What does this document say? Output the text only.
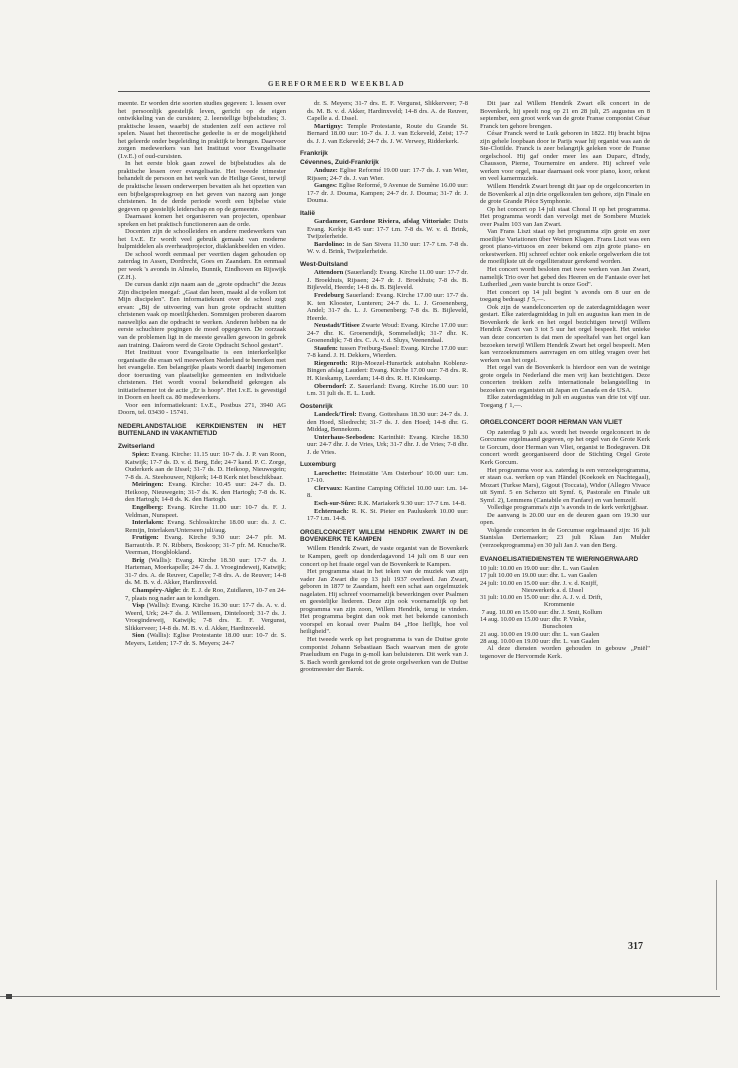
GEREFORMEERD WEEKBLAD

meente. Er worden drie soorten studies gegeven: 1. lessen over het persoonlijk geestelijk leven, gericht op de eigen ontwikkeling van de cursisten; 2. leerstellige bijbelstudies; 3. praktische lessen, waarbij de studenten zelf een actieve rol spelen. Naast het theoretische gedeelte is er de mogelijkheid het geleerde onder begeleiding in praktijk te brengen. Daarvoor zorgen medewerkers van het Instituut voor Evangelisatie (I.v.E.) of oud-cursisten.

In het eerste blok gaan zowel de bijbelstudies als de praktische lessen over evangelisatie. Het tweede trimester behandelt de persoon en het werk van de Heilige Geest, terwijl de praktische lessen onderwerpen bevatten als het opzetten van een bijbelgespreksgroep en het geven van nazorg aan jonge christenen. In de derde periode wordt een bijbelse visie gegeven op geestelijk leiderschap en op de gemeente.

Daarnaast komen het organiseren van projecten, openbaar spreken en het praktisch functioneren aan de orde.

Docenten zijn de schoolleiders en andere medewerkers van het I.v.E. Er wordt veel gebruik gemaakt van moderne hulpmiddelen als overheadprojector, diaklankbeelden en video.

De school wordt eenmaal per veertien dagen gehouden op zaterdag in Assen, Dordrecht, Goes en Zaandam. En eenmaal per week 's avonds in Almelo, Bunnik, Eindhoven en Rijswijk (Z.H.).

De cursus dankt zijn naam aan de „grote opdracht" die Jezus Zijn discipelen meegaf: „Gaat dan heen, maakt al de volken tot Mijn discipelen". Een informatiekrant over de school zegt ervan: „Bij de uitvoering van hun grote opdracht stuitten christenen vaak op moeilijkheden. Sommigen proberen daarom nauwelijks aan die opdracht te werken. Anderen hebben na de eerste schuchtere pogingen de moed opgegeven. De oorzaak van de problemen ligt in de meeste gevallen gewoon in gebrek aan training. Daárom werd de Grote Opdracht School gestart".

Het Instituut voor Evangelisatie is een interkerkelijke organisatie die eraan wil meewerken Nederland te bereiken met het evangelie. Een belangrijke plaats wordt daarbij ingenomen door toerusting van plaatselijke gemeenten en individuele christenen. Het wordt vooral bekendheid gekregen als initiatiefnemer tot de actie „Er is hoop". Het I.v.E. is gevestigd in Doorn en heeft ca. 80 medewerkers.

Voor een informatiekrant: I.v.E., Postbus 271, 3940 AG Doorn, tel. 03430 - 15741.

NEDERLANDSTALIGE KERKDIENSTEN IN HET BUITENLAND IN VAKANTIETIJD
Zwitserland

Spiez: Evang. Kirche: 11.15 uur: 10-7 ds. J. P. van Roon, Katwijk; 17-7 ds. D. v. d. Berg, Ede; 24-7 kand. P. C. Zorge, Ouderkerk aan de IJssel; 31-7 ds. D. Heikoop, Nieuwegein; 7-8 ds. A. Steehouwer, Nijkerk; 14-8 Kerk niet beschikbaar.

Meiringen: Evang. Kirche: 10.45 uur: 24-7 ds. D. Heikoop, Nieuwegein; 31-7 ds. K. den Hartogh; 7-8 ds. K. den Hartogh; 14-8 ds. K. den Hartogh.

Engelberg: Evang. Kirche 11.00 uur: 10-7 ds. F. J. Veldman, Nunspeet.

Interlaken: Evang. Schlosskirche 18.00 uur: ds. J. C. Remijn, Interlaken/Unterseen juli/aug.

Frutigen: Evang. Kirche 9.30 uur: 24-7 pfr. M. Barraut/ds. P. N. Ribbers, Boskoop; 31-7 pfr. M. Knuche/R. Veerman, Hoogblokland.

Brig (Wallis): Evang. Kirche 18.30 uur: 17-7 ds. J. Harteman, Moerkapelle; 24-7 ds. J. Vroegindeweij, Katwijk; 31-7 drs. A. de Reuver, Capelle; 7-8 drs. A. de Reuver; 14-8 ds. M. B. v. d. Akker, Hardinxveld.

Champéry-Aigle: dr. E. J. de Roo, Zuidlaren, 10-7 en 24-7, plaats nog nader aan te kondigen.

Visp (Wallis): Evang. Kirche 16.30 uur: 17-7 ds. A. v. d. Weerd, Urk; 24-7 ds. J. Willemsen, Dinteloord; 31-7 ds. J. Vroegindeweij, Katwijk; 7-8 drs. E. F. Vergunst, Slikkerveer; 14-8 ds. M. B. v. d. Akker, Hardinxveld.

Sion (Wallis): Eglise Protestante 18.00 uur: 10-7 dr. S. Meyers, Leiden; 17-7 dr. S. Meyers; 24-7

dr. S. Meyers; 31-7 drs. E. F. Vergunst, Slikkerveer; 7-8 ds. M. B. v. d. Akker, Hardinxveld; 14-8 drs. A. de Reuver, Capelle a. d. IJssel.

Martigny: Temple Protestante, Route du Grande St. Bernard 18.00 uur: 10-7 ds. J. J. van Eckeveld, Zeist; 17-7 ds. J. J. van Eckeveld; 24-7 ds. J. W. Verwey, Ridderkerk.

Frankrijk
Cévennes, Zuid-Frankrijk

Anduze: Eglise Reformé 19.00 uur: 17-7 ds. J. van Wier, Rijssen; 24-7 ds. J. van Wier.

Ganges: Eglise Reformé, 9 Avenue de Sumène 16.00 uur: 17-7 dr. J. Douma, Kampen; 24-7 dr. J. Douma; 31-7 dr. J. Douma.

Italië

Gardameer, Gardone Riviera, afslag Vittoriale: Duits Evang. Kerkje 8.45 uur: 17-7 t.m. 7-8 ds. W. v. d. Brink, Twijzelerheide.

Bardolino: in de San Sivera 11.30 uur: 17-7 t.m. 7-8 ds. W. v. d. Brink, Twijzelerheide.

West-Duitsland

Attendorn (Sauerland): Evang. Kirche 11.00 uur: 17-7 dr. J. Broekhuis, Rijssen; 24-7 dr. J. Broekhuis; 7-8 ds. B. Bijleveld, Heerde; 14-8 ds. B. Bijleveld.

Fredeburg Sauerland: Evang. Kirche 17.00 uur: 17-7 ds. K. ten Klooster, Lunteren; 24-7 ds. L. J. Groenenberg, Andel; 31-7 ds. L. J. Groenenberg; 7-8 ds. B. Bijleveld, Heerde.

Neustadt/Titisee Zwarte Woud: Evang. Kirche 17.00 uur: 24-7 dhr. K. Groenendijk, Sommelsdijk; 31-7 dhr. K. Groenendijk; 7-8 drs. C. A. v. d. Sluys, Veenendaal.

Staufen: tussen Freiburg-Basel: Evang. Kirche 17.00 uur: 7-8 kand. J. H. Dekkers, Wierden.

Riegenroth: Rijn-Moezel-Hunsrück autobahn Koblenz-Bingen afslag Laudert: Evang. Kirche 17.00 uur: 7-8 drs. R. H. Kieskamp, Leerdam; 14-8 drs. R. H. Kieskamp.

Oberndorf: Z. Sauerland: Evang. Kirche 16.00 uur: 10 t.m. 31 juli ds. E. L. Ludt.

Oostenrijk

Landeck/Tirol: Evang. Gotteshaus 18.30 uur: 24-7 ds. J. den Hoed, Sliedrecht; 31-7 ds. J. den Hoed; 14-8 dhr. G. Middag, Bennekom.

Unterhaus-Seeboden: Karinthië: Evang. Kirche 18.30 uur: 24-7 dhr. J. de Vries, Urk; 31-7 dhr. J. de Vries; 7-8 dhr. J. de Vries.

Luxemburg

Larochette: Heimstätte 'Am Osterbour' 10.00 uur: t.m. 17-10.

Clervaux: Kantine Camping Officiel 10.00 uur: t.m. 14-8.

Esch-sur-Sûre: R.K. Mariakerk 9.30 uur: 17-7 t.m. 14-8.

Echternach: R. K. St. Pieter en Pauluskerk 10.00 uur: 17-7 t.m. 14-8.

ORGELCONCERT WILLEM HENDRIK ZWART IN DE BOVENKERK TE KAMPEN

Willem Hendrik Zwart, de vaste organist van de Bovenkerk te Kampen, geeft op donderdagavond 14 juli om 8 uur een concert op het fraaie orgel van de Bovenkerk te Kampen.

Het programma staat in het teken van de muziek van zijn vader Jan Zwart die op 13 juli 1937 overleed. Jan Zwart, geboren in 1877 te Zaandam, heeft een schat aan orgelmuziek nagelaten. Hij schreef voornamelijk bewerkingen over Psalmen en geestelijke liederen. Deze zijn ook voornamelijk op het programma van zijn zoon, Willem Hendrik, terug te vinden. Het programma begint dan ook met het bekende canonisch voorspel en koraal over Psalm 84 „Hoe lieflijk, hoe vol heiligheid".

Het tweede werk op het programma is van de Duitse grote componist Johann Sebastiaan Bach waarvan men de grote Praeludium en Fuga in g-moll kan beluisteren. Dit werk van J. S. Bach wordt gerekend tot de grote orgelwerken van de Duitse grootmeester der Barok.

Dit jaar zal Willem Hendrik Zwart elk concert in de Bovenkerk, hij speelt nog op 21 en 28 juli, 25 augustus en 8 september, een groot werk van de grote Franse componist César Franck ten gehore brengen.

César Franck werd te Luik geboren in 1822. Hij bracht bijna zijn gehele loopbaan door te Parijs waar hij organist was aan de Ste-Clotilde. Franck is zeer belangrijk geleken voor de Franse orgelschool. Hij gaf onder meer les aan Duparc, d'Indy, Chausson, Pierne, Tournemire en andere. Hij schreef vele werken voor orgel, maar daarnaast ook voor piano, koor, orkest en veel kamermuziek.

Willem Hendrik Zwart brengt dit jaar op de orgelconcerten in de Bovenkerk al zijn drie orgelkoralen ten gehore, zijn Finale en de grote Grande Pièce Symphonie.

Op het concert op 14 juli staat Choral II op het programma. Het programma wordt dan vervolgt met de Sombere Muziek over Psalm 103 van Jan Zwart.

Van Frans Liszt staat op het programma zijn grote en zeer moeilijke Variationen über Weinen Klagen. Frans Liszt was een groot piano-virtuoos en zeer bekend om zijn grote piano- en orkestwerken. Hij schreef echter ook enkele orgelwerken die tot de moeilijkste uit de orgelliteratuur gerekend worden.

Het concert wordt besloten met twee werken van Jan Zwart, namelijk Trio over het gebed des Heeren en de Fantasie over het Lutherlied „een vaste burcht is onze God".

Het concert op 14 juli begint 's avonds om 8 uur en de toegang bedraagt ƒ 5,—.

Ook zijn de wandelconcerten op de zaterdagmiddagen weer gestart. Elke zaterdagmiddag in juli en augustus kan men in de Bovenkerk de kerk en het orgel bezichtigen terwijl Willem Hendrik Zwart van 3 tot 5 uur het orgel bespeelt. Het unieke van deze concerten is dat men de speeltafel van het orgel kan bezoeken terwijl Willem Hendrik Zwart het orgel bespeelt. Men kan verzoeknummers aanvragen en om uitleg vragen over het werken van het orgel.

Het orgel van de Bovenkerk is hierdoor een van de weinige grote orgels in Nederland die men vrij kan bezichtigen. Deze concerten trekken zelfs internationale belangstelling in bezoeken van organisten uit Japan en Canada en de USA.

Elke zaterdagmiddag in juli en augustus van drie tot vijf uur. Toegang ƒ 1,—.

ORGELCONCERT DOOR HERMAN VAN VLIET

Op zaterdag 9 juli a.s. wordt het tweede orgelconcert in de Gorcumse orgelmaand gegeven, op het orgel van de Grote Kerk te Gorcum, door Herman van Vliet, organist te Bodegraven. Dit concert wordt georganiseerd door de Stichting Orgel Grote Kerk Gorcum.

Het programma voor a.s. zaterdag is een verzoekprogramma, er staan o.a. werken op van Händel (Koekoek en Nachtegaal), Mozart (Turkse Mars), Gigout (Toccata), Widor (Allegro Vivace uit Symf. 5 en Scherzo uit Symf. 6, Pastorale en Finale uit Symf. 2), Lemmens (Cantabile en Fanfare) en van hemzelf.

Volledige programma's zijn 's avonds in de kerk verkrijgbaar.

De aanvang is 20.00 uur en de deuren gaan om 19.30 uur open.

Volgende concerten in de Gorcumse orgelmaand zijn: 16 juli Stanislas Deriemaeker; 23 juli Klaas Jan Mulder (verzoekprogramma) en 30 juli Jan J. van den Berg.

EVANGELISATIEDIENSTEN TE WIERINGERWAARD
10 juli: 10.00 en 19.00 uur: dhr. L. van Gaalen
17 juli 10.00 en 19.00 uur: dhr. L. van Gaalen
24 juli: 10.00 en 15.00 uur: dhr. J. v. d. Knijff,
Nieuwerkerk a. d. IJssel
31 juli: 10.00 en 15.00 uur: dhr. A. J. v. d. Drift,
Krommenie
7 aug. 10.00 en 15.00 uur: dhr. J. Smit, Kollum
14 aug. 10.00 en 15.00 uur: dhr. P. Vinke,
Bunschoten
21 aug. 10.00 en 19.00 uur: dhr. L. van Gaalen
28 aug. 10.00 en 19.00 uur: dhr. L. van Gaalen

Al deze diensten worden gehouden in gebouw „Pniël" tegenover de Hervormde Kerk.

317
